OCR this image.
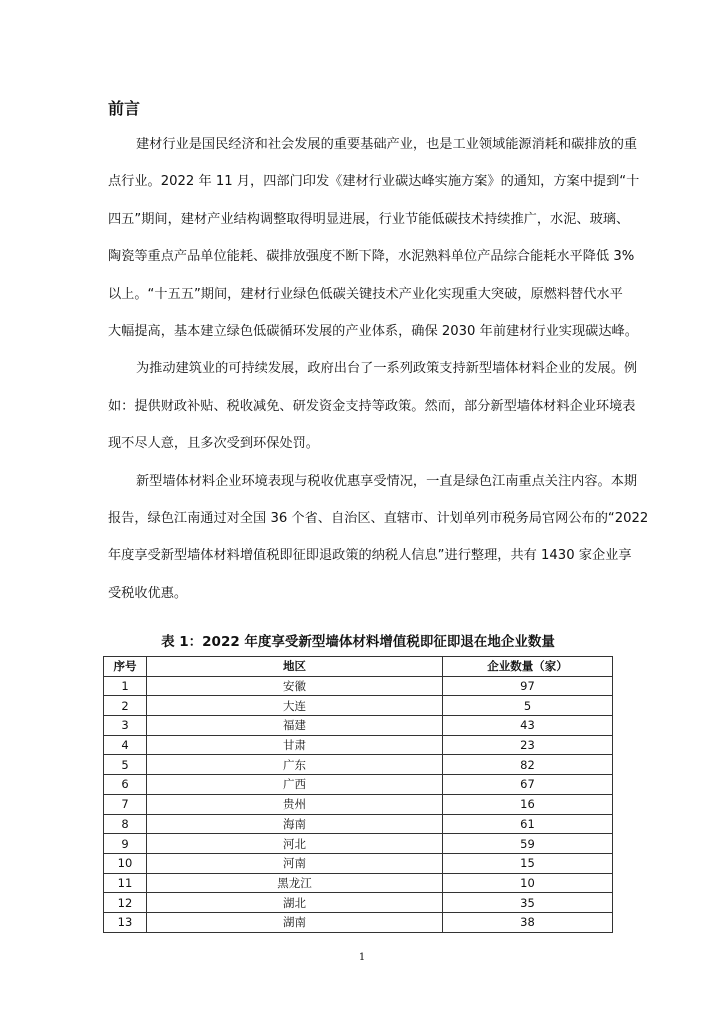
前言
建材行业是国民经济和社会发展的重要基础产业，也是工业领域能源消耗和碳排放的重
点行业。2022 年 11 月，四部门印发《建材行业碳达峰实施方案》的通知，方案中提到“十
四五”期间，建材产业结构调整取得明显进展，行业节能低碳技术持续推广，水泥、玻璃、
陶瓷等重点产品单位能耗、碳排放强度不断下降，水泥熟料单位产品综合能耗水平降低 3%
以上。“十五五”期间，建材行业绿色低碳关键技术产业化实现重大突破，原燃料替代水平
大幅提高，基本建立绿色低碳循环发展的产业体系，确保 2030 年前建材行业实现碳达峰。
为推动建筑业的可持续发展，政府出台了一系列政策支持新型墙体材料企业的发展。例
如：提供财政补贴、税收减免、研发资金支持等政策。然而，部分新型墙体材料企业环境表
现不尽人意，且多次受到环保处罚。
新型墙体材料企业环境表现与税收优惠享受情况，一直是绿色江南重点关注内容。本期
报告，绿色江南通过对全国 36 个省、自治区、直辖市、计划单列市税务局官网公布的“2022
年度享受新型墙体材料增值税即征即退政策的纳税人信息”进行整理，共有 1430 家企业享
受税收优惠。
表 1：2022 年度享受新型墙体材料增值税即征即退在地企业数量
序号	地区	企业数量（家）
1	安徽	97
2	大连	5
3	福建	43
4	甘肃	23
5	广东	82
6	广西	67
7	贵州	16
8	海南	61
9	河北	59
10	河南	15
11	黑龙江	10
12	湖北	35
13	湖南	38
1
